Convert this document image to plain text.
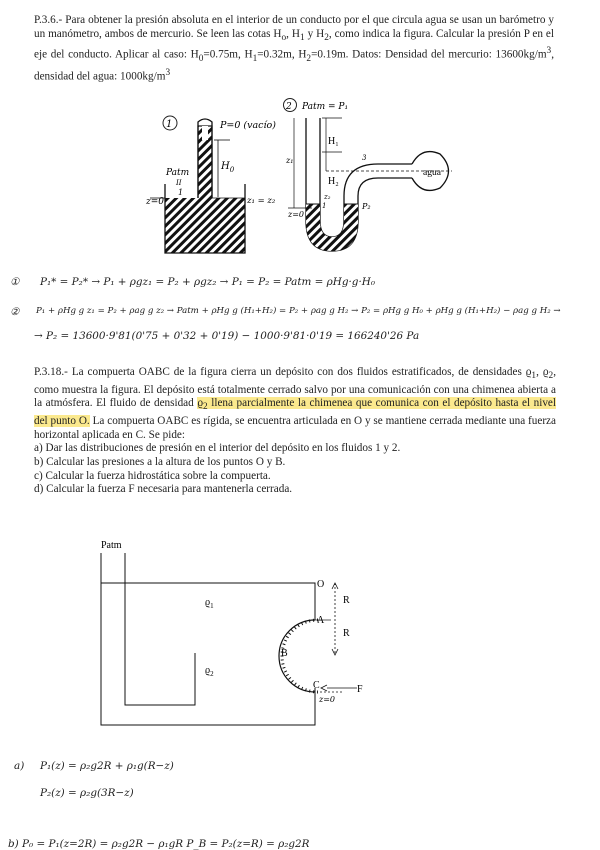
P.3.6.- Para obtener la presión absoluta en el interior de un conducto por el que circula agua se usan un barómetro y un manómetro, ambos de mercurio. Se leen las cotas $H_o$, $H_1$ y $H_2$, como indica la figura. Calcular la presión P en el eje del conducto. Aplicar al caso: $H_0=0.75m$, $H_1=0.32m$, $H_2=0.19m$. Datos: Densidad del mercurio: $13600kg/m^3$, densidad del agua: $1000kg/m^3$
1	P=0 (vacío)
$H_0$
Patm
II
1
z=0	z₁ = z₂
2 Patm = P₁
agua
z₁
H₁
H₂
z₂
z=0
1
3
P₂
① P₁* = P₂* → P₁ + ρgz₁ = P₂ + ρgz₂ → P₁ = P₂ = Patm = ρHg·g·H₀
② P₁ + ρHg g z₁ = P₂ + ρag g z₂ → Patm + ρHg g (H₁+H₂) = P₂ + ρag g H₂ → P₂ = ρHg g H₀ + ρHg g (H₁+H₂) − ρag g H₂ →
→ P₂ = 13600·9'81(0'75 + 0'32 + 0'19) − 1000·9'81·0'19 = 166240'26 Pa
P.3.18.- La compuerta OABC de la figura cierra un depósito con dos fluidos estratificados, de densidades $ϱ_1$, $ϱ_2$, como muestra la figura. El depósito está totalmente cerrado salvo por una comunicación con una chimenea abierta a la atmósfera. El fluido de densidad $ϱ_2$ llena parcialmente la chimenea que comunica con el depósito hasta el nivel del punto O. La compuerta OABC es rígida, se encuentra articulada en O y se mantiene cerrada mediante una fuerza horizontal aplicada en C. Se pide:
a) Dar las distribuciones de presión en el interior del depósito en los fluidos 1 y 2.
b) Calcular las presiones a la altura de los puntos O y B.
c) Calcular la fuerza hidrostática sobre la compuerta.
d) Calcular la fuerza F necesaria para mantenerla cerrada.
Patm
O
A
B
C	F
R
R
z=0
$ϱ_1$
$ϱ_2$
a) P₁(z) = ρ₂g2R + ρ₁g(R−z)
P₂(z) = ρ₂g(3R−z)
b) P₀ = P₁(z=2R) = ρ₂g2R − ρ₁gR P_B = P₂(z=R) = ρ₂g2R
